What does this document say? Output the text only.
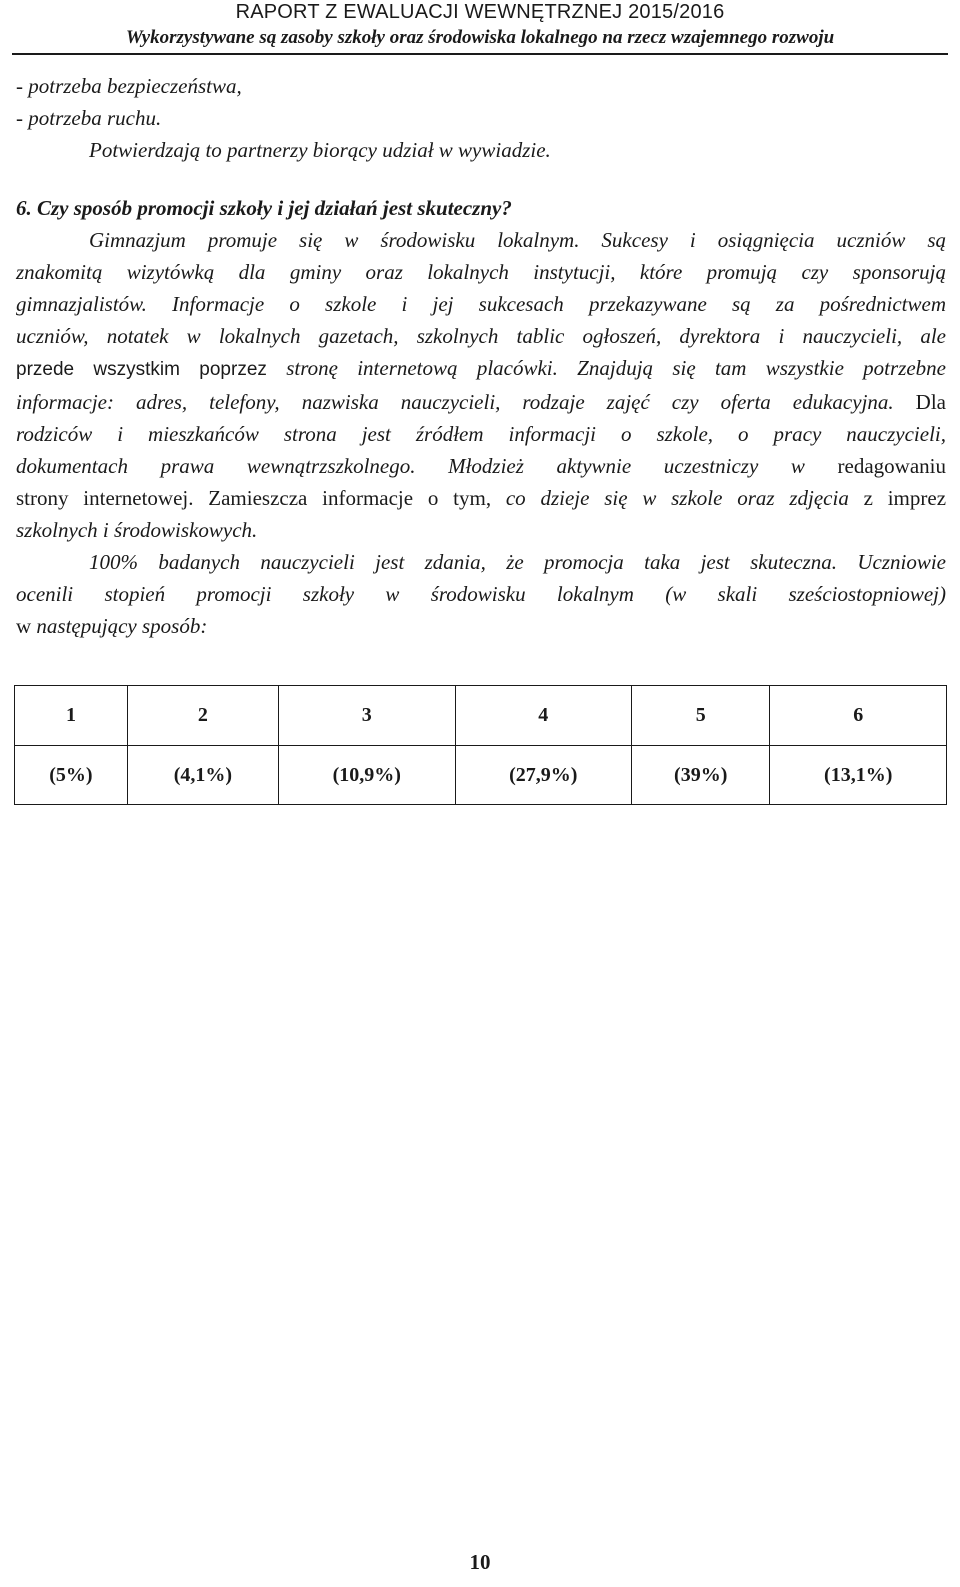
RAPORT Z EWALUACJI WEWNĘTRZNEJ 2015/2016
Wykorzystywane są zasoby szkoły oraz środowiska lokalnego na rzecz wzajemnego rozwoju
- potrzeba bezpieczeństwa,
- potrzeba ruchu.
Potwierdzają to partnerzy biorący udział w wywiadzie.
6. Czy sposób promocji szkoły i jej działań jest skuteczny?
Gimnazjum promuje się w środowisku lokalnym. Sukcesy i osiągnięcia uczniów są
znakomitą wizytówką dla gminy oraz lokalnych instytucji, które promują czy sponsorują
gimnazjalistów. Informacje o szkole i jej sukcesach przekazywane są za pośrednictwem
uczniów, notatek w lokalnych gazetach, szkolnych tablic ogłoszeń, dyrektora i nauczycieli, ale
przede wszystkim poprzez stronę internetową placówki. Znajdują się tam wszystkie potrzebne
informacje: adres, telefony, nazwiska nauczycieli, rodzaje zajęć czy oferta edukacyjna. Dla
rodziców i mieszkańców strona jest źródłem informacji o szkole, o pracy nauczycieli,
dokumentach prawa wewnątrzszkolnego. Młodzież aktywnie uczestniczy w redagowaniu
strony internetowej. Zamieszcza informacje o tym, co dzieje się w szkole oraz zdjęcia z imprez
szkolnych i środowiskowych.
100% badanych nauczycieli jest zdania, że promocja taka jest skuteczna. Uczniowie
ocenili stopień promocji szkoły w środowisku lokalnym (w skali sześciostopniowej)
w następujący sposób:
1	2	3	4	5	6
(5%)	(4,1%)	(10,9%)	(27,9%)	(39%)	(13,1%)
10
